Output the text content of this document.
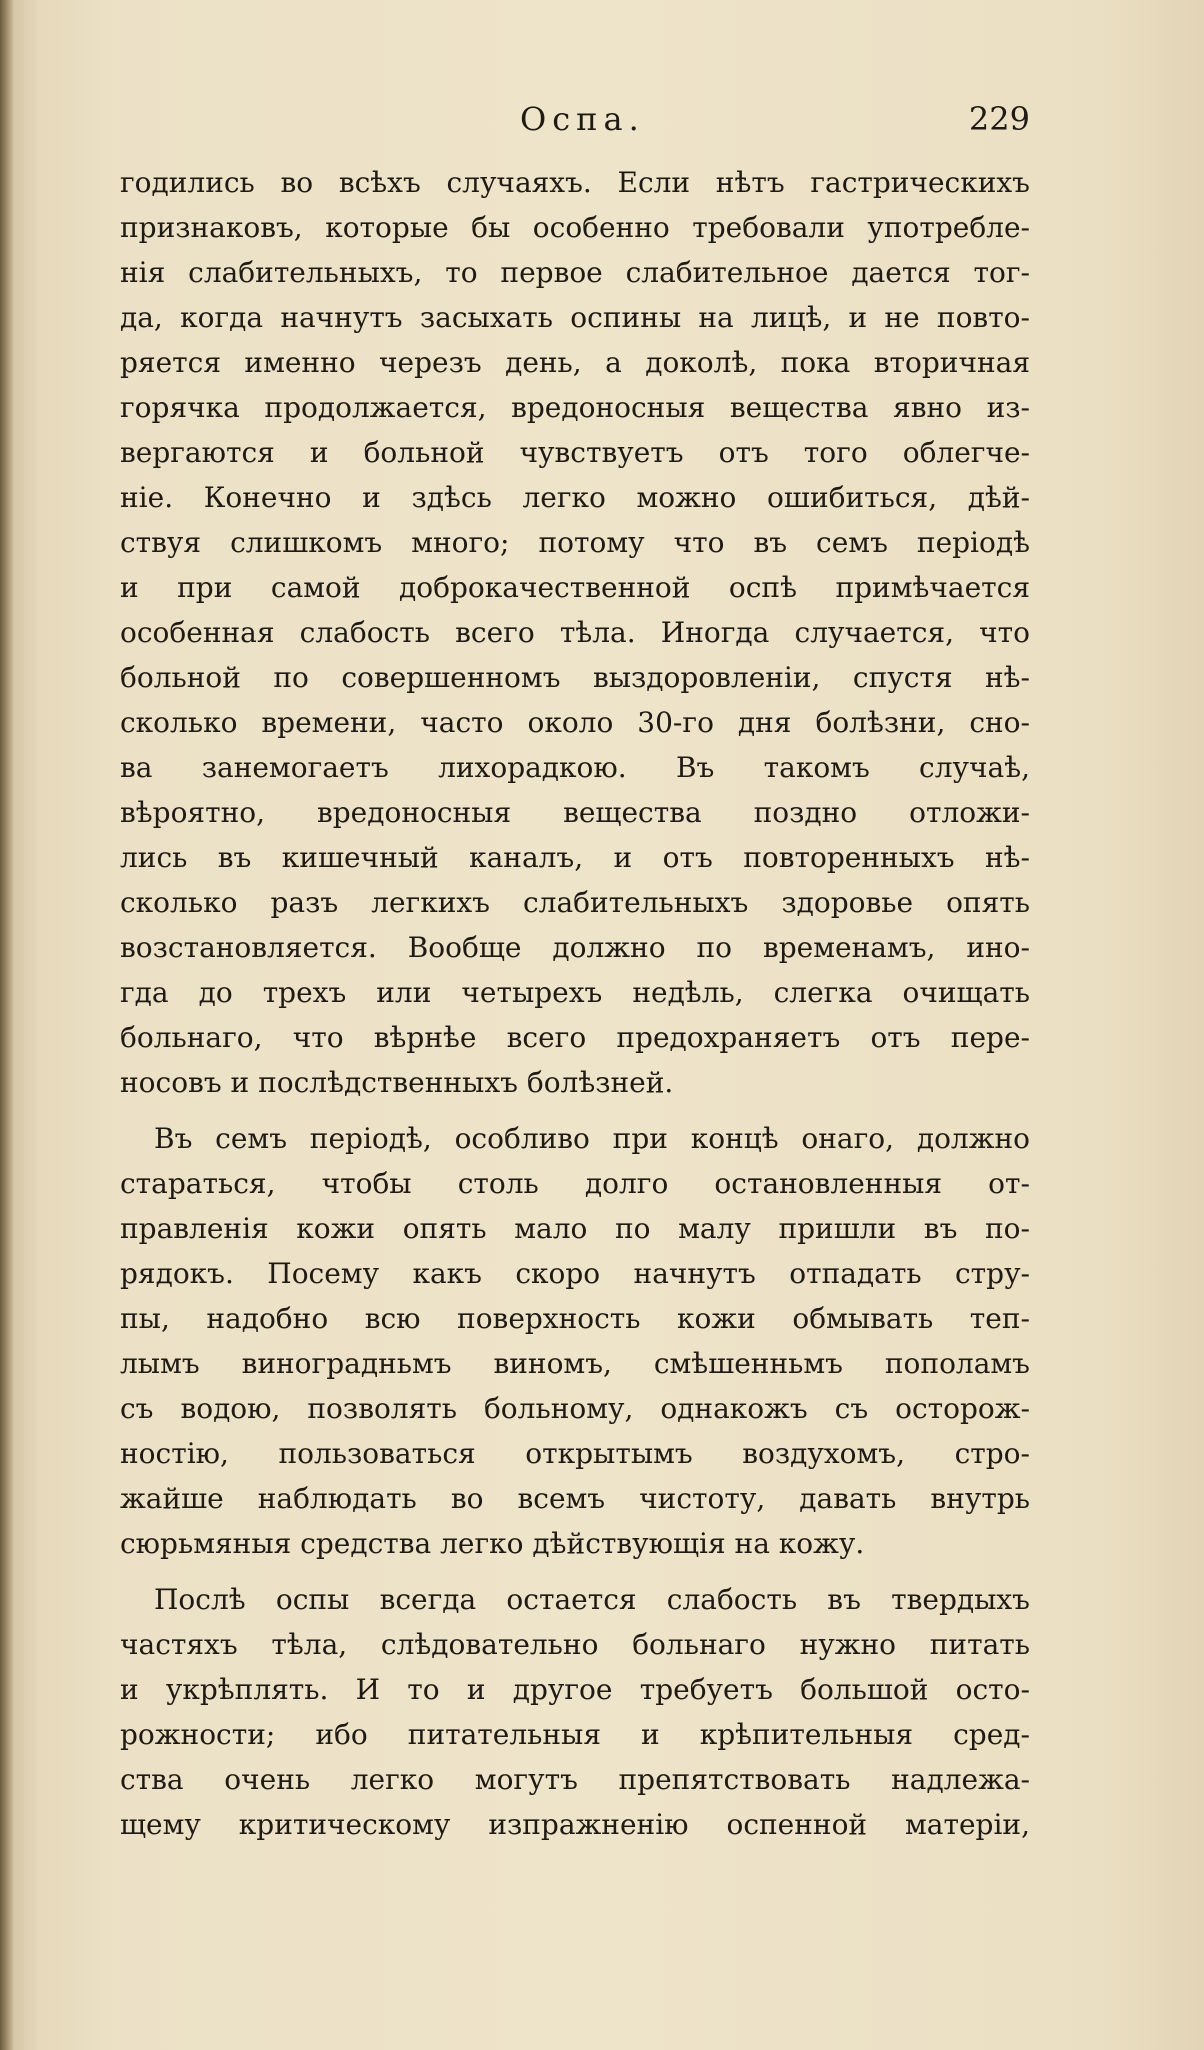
Оспа.	229
годились во всѣхъ случаяхъ. Если нѣтъ гастрическихъ
признаковъ, которые бы особенно требовали употребле-
нія слабительныхъ, то первое слабительное дается тог-
да, когда начнутъ засыхать оспины на лицѣ, и не повто-
ряется именно черезъ день, а доколѣ, пока вторичная
горячка продолжается, вредоносныя вещества явно из-
вергаются и больной чувствуетъ отъ того облегче-
ніе. Конечно и здѣсь легко можно ошибиться, дѣй-
ствуя слишкомъ много; потому что въ семъ періодѣ
и при самой доброкачественной оспѣ примѣчается
особенная слабость всего тѣла. Иногда случается, что
больной по совершенномъ выздоровленіи, спустя нѣ-
сколько времени, часто около 30-го дня болѣзни, сно-
ва занемогаетъ лихорадкою. Въ такомъ случаѣ,
вѣроятно, вредоносныя вещества поздно отложи-
лись въ кишечный каналъ, и отъ повторенныхъ нѣ-
сколько разъ легкихъ слабительныхъ здоровье опять
возстановляется. Вообще должно по временамъ, ино-
гда до трехъ или четырехъ недѣль, слегка очищать
больнаго, что вѣрнѣе всего предохраняетъ отъ пере-
носовъ и послѣдственныхъ болѣзней.
Въ семъ періодѣ, особливо при концѣ онаго, должно
стараться, чтобы столь долго остановленныя от-
правленія кожи опять мало по малу пришли въ по-
рядокъ. Посему какъ скоро начнутъ отпадать стру-
пы, надобно всю поверхность кожи обмывать теп-
лымъ виноградньмъ виномъ, смѣшенньмъ пополамъ
съ водою, позволять больному, однакожъ съ осторож-
ностію, пользоваться открытымъ воздухомъ, стро-
жайше наблюдать во всемъ чистоту, давать внутрь
сюрьмяныя средства легко дѣйствующія на кожу.
Послѣ оспы всегда остается слабость въ твердыхъ
частяхъ тѣла, слѣдовательно больнаго нужно питать
и укрѣплять. И то и другое требуетъ большой осто-
рожности; ибо питательныя и крѣпительныя сред-
ства очень легко могутъ препятствовать надлежа-
щему критическому изпражненію оспенной матеріи,
